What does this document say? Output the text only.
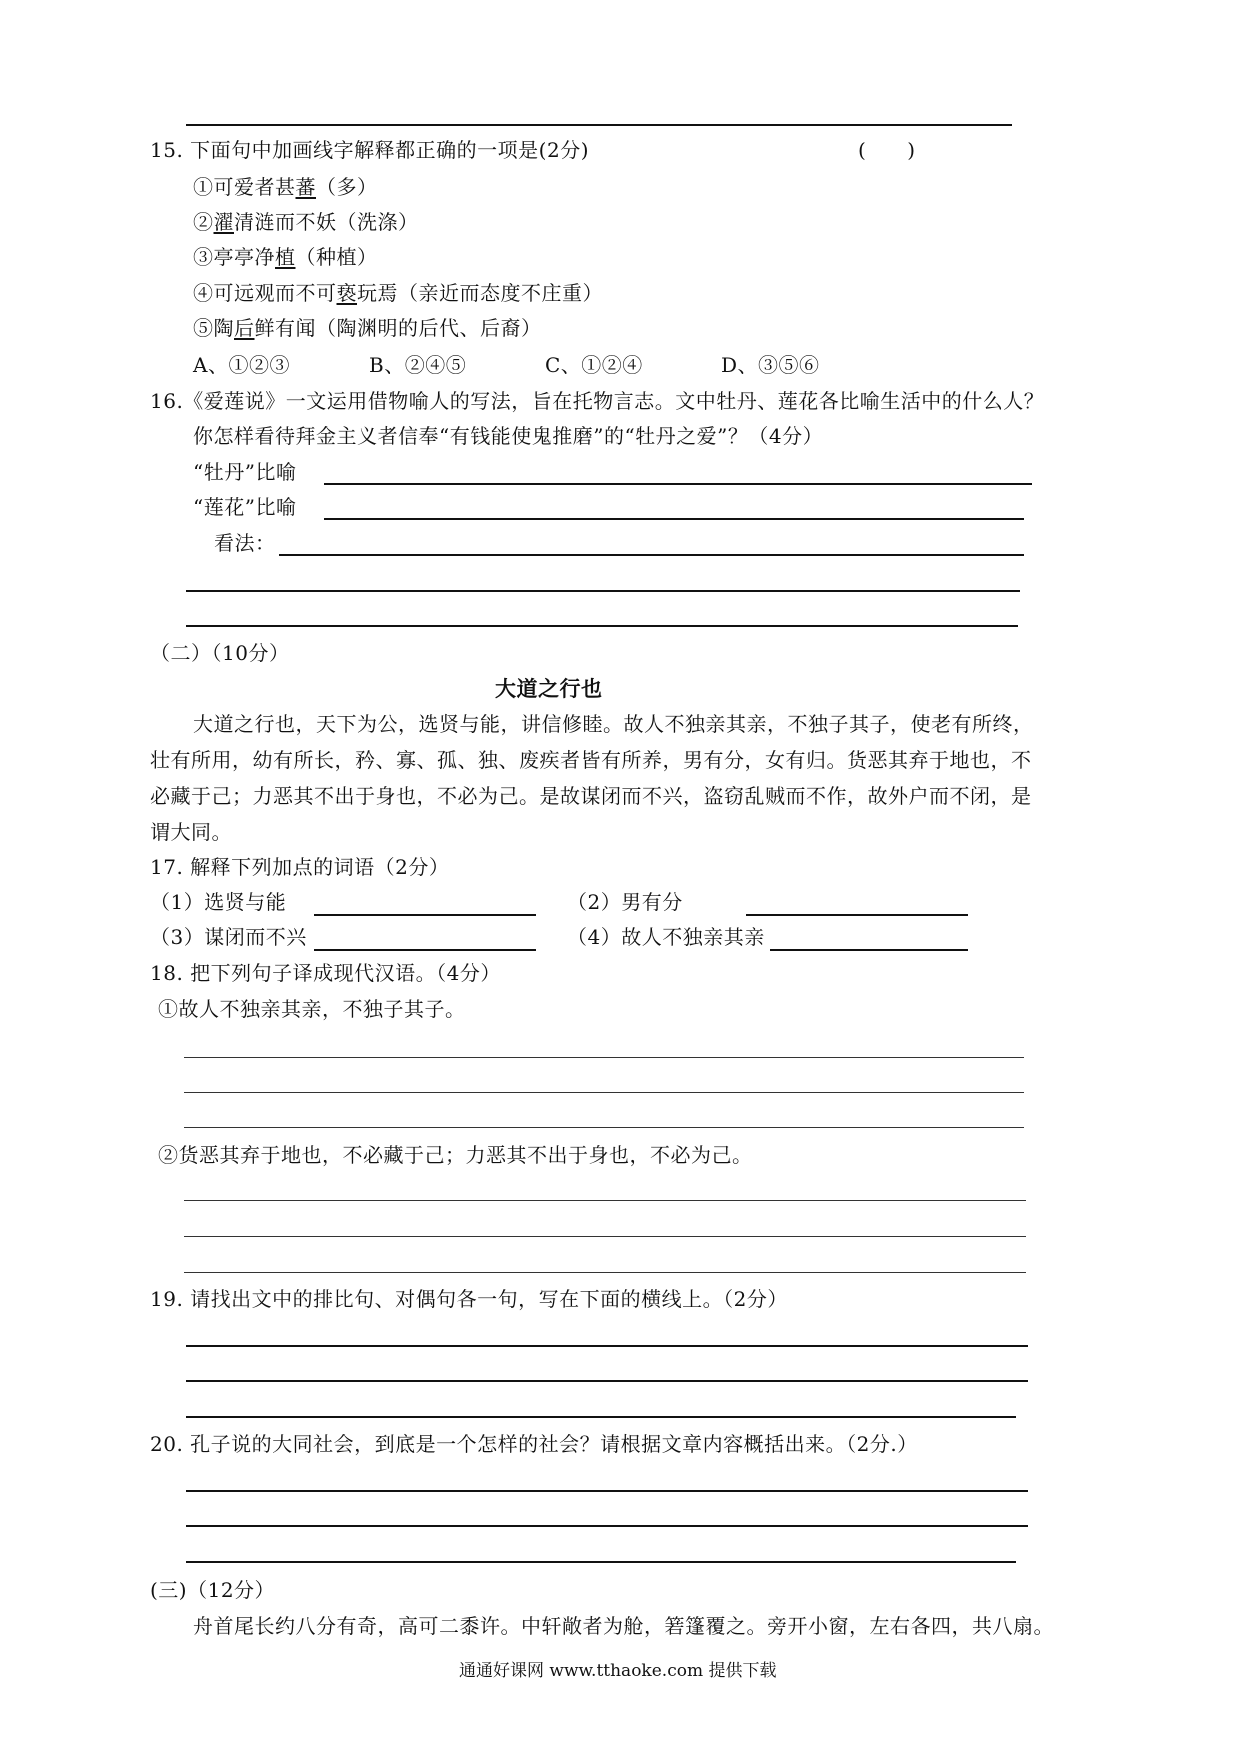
15. 下面句中加画线字解释都正确的一项是(2分)	(　　)
①可爱者甚蕃（多）
②濯清涟而不妖（洗涤）
③亭亭净植（种植）
④可远观而不可亵玩焉（亲近而态度不庄重）
⑤陶后鲜有闻（陶渊明的后代、后裔）
A、①②③	B、②④⑤	C、①②④	D、③⑤⑥
16.《爱莲说》一文运用借物喻人的写法，旨在托物言志。文中牡丹、莲花各比喻生活中的什么人？
你怎样看待拜金主义者信奉“有钱能使鬼推磨”的“牡丹之爱”？（4分）
“牡丹”比喻
“莲花”比喻
看法：
（二）（10分）
大道之行也
大道之行也，天下为公，选贤与能，讲信修睦。故人不独亲其亲，不独子其子，使老有所终，
壮有所用，幼有所长，矜、寡、孤、独、废疾者皆有所养，男有分，女有归。货恶其弃于地也，不
必藏于己；力恶其不出于身也，不必为己。是故谋闭而不兴，盗窃乱贼而不作，故外户而不闭，是
谓大同。
17. 解释下列加点的词语（2分）
（1）选贤与能	（2）男有分
（3）谋闭而不兴	（4）故人不独亲其亲
18. 把下列句子译成现代汉语。（4分）
①故人不独亲其亲，不独子其子。
②货恶其弃于地也，不必藏于己；力恶其不出于身也，不必为己。
19. 请找出文中的排比句、对偶句各一句，写在下面的横线上。（2分）
20. 孔子说的大同社会，到底是一个怎样的社会？请根据文章内容概括出来。（2分.）
(三)（12分）
舟首尾长约八分有奇，高可二黍许。中轩敞者为舱，箬篷覆之。旁开小窗，左右各四，共八扇。
通通好课网 www.tthaoke.com 提供下载
